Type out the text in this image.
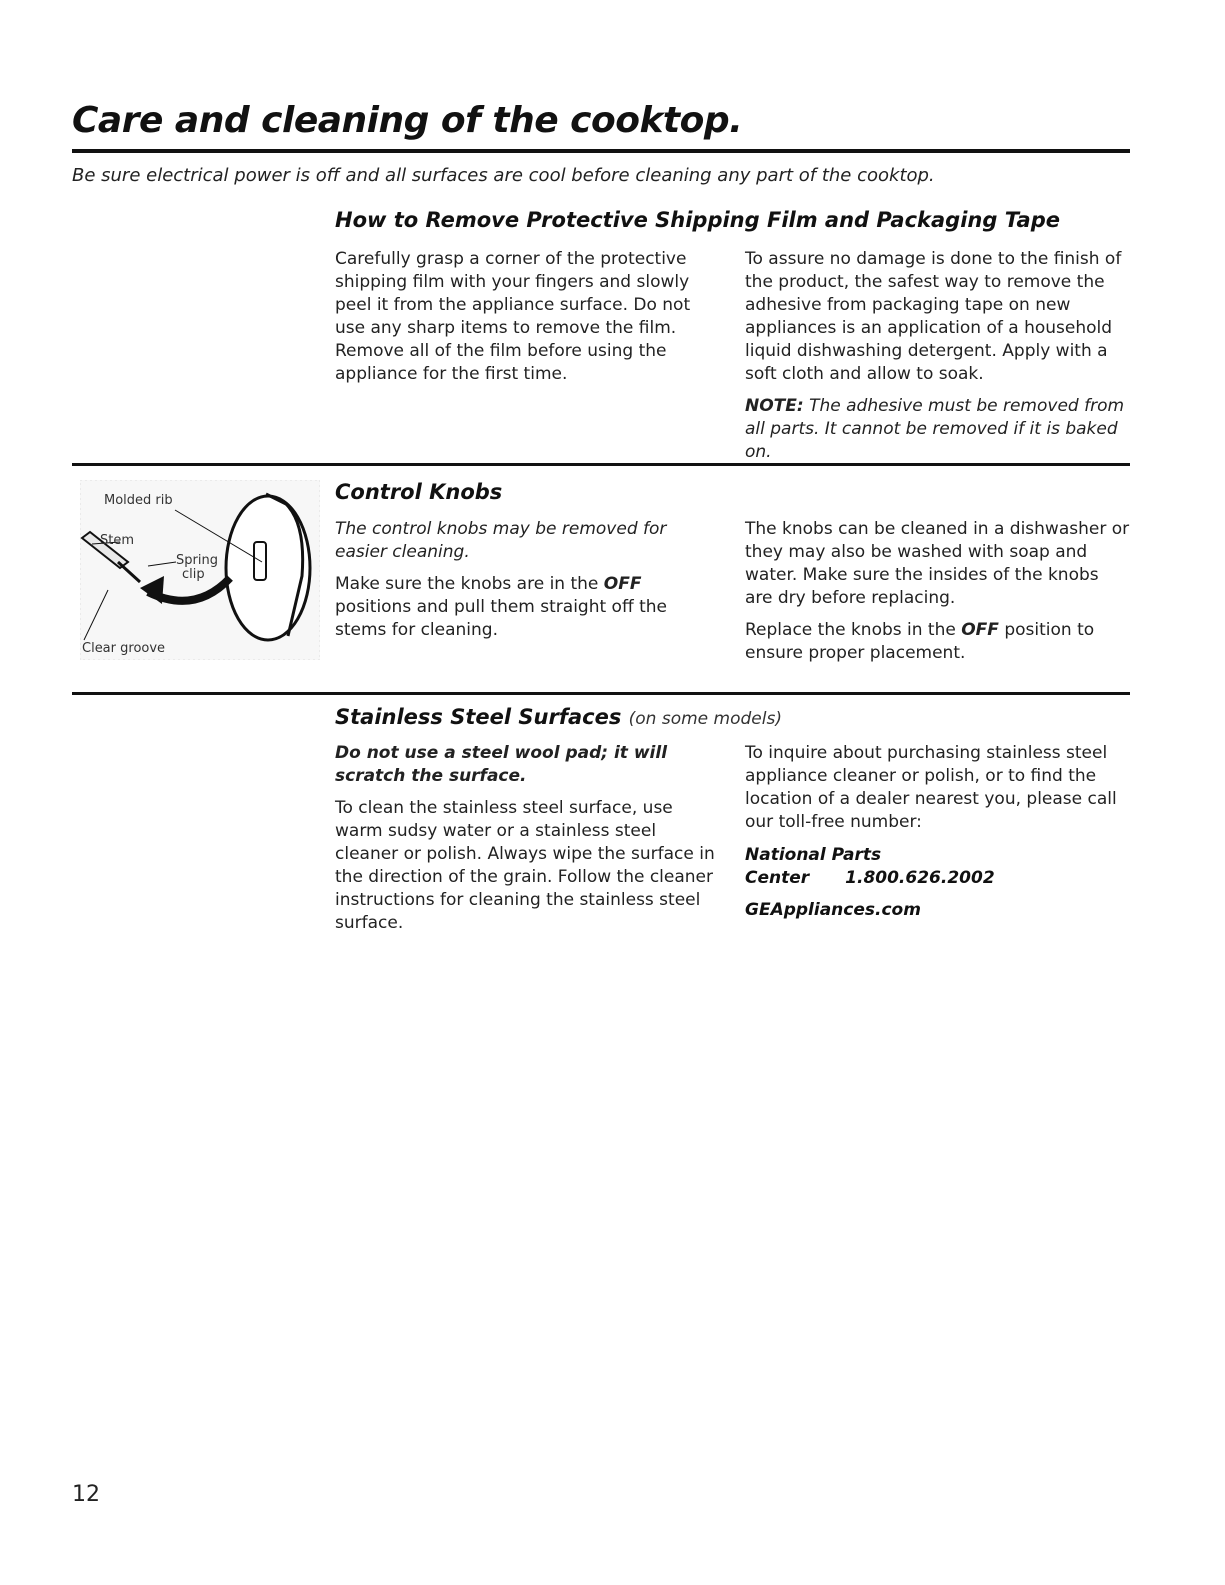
Care and cleaning of the cooktop.
Be sure electrical power is off and all surfaces are cool before cleaning any part of the cooktop.
How to Remove Protective Shipping Film and Packaging Tape

Carefully grasp a corner of the protective shipping film with your fingers and slowly peel it from the appliance surface. Do not use any sharp items to remove the film. Remove all of the film before using the appliance for the first time.

To assure no damage is done to the finish of the product, the safest way to remove the adhesive from packaging tape on new appliances is an application of a household liquid dishwashing detergent. Apply with a soft cloth and allow to soak.

NOTE: The adhesive must be removed from all parts. It cannot be removed if it is baked on.

Molded rib
Stem
Spring
clip
Clear groove
Control Knobs

The control knobs may be removed for easier cleaning.

Make sure the knobs are in the OFF positions and pull them straight off the stems for cleaning.

The knobs can be cleaned in a dishwasher or they may also be washed with soap and water. Make sure the insides of the knobs are dry before replacing.

Replace the knobs in the OFF position to ensure proper placement.

Stainless Steel Surfaces (on some models)

Do not use a steel wool pad; it will scratch the surface.

To clean the stainless steel surface, use warm sudsy water or a stainless steel cleaner or polish. Always wipe the surface in the direction of the grain. Follow the cleaner instructions for cleaning the stainless steel surface.

To inquire about purchasing stainless steel appliance cleaner or polish, or to find the location of a dealer nearest you, please call our toll-free number:

National Parts Center 1.800.626.2002

GEAppliances.com

12
